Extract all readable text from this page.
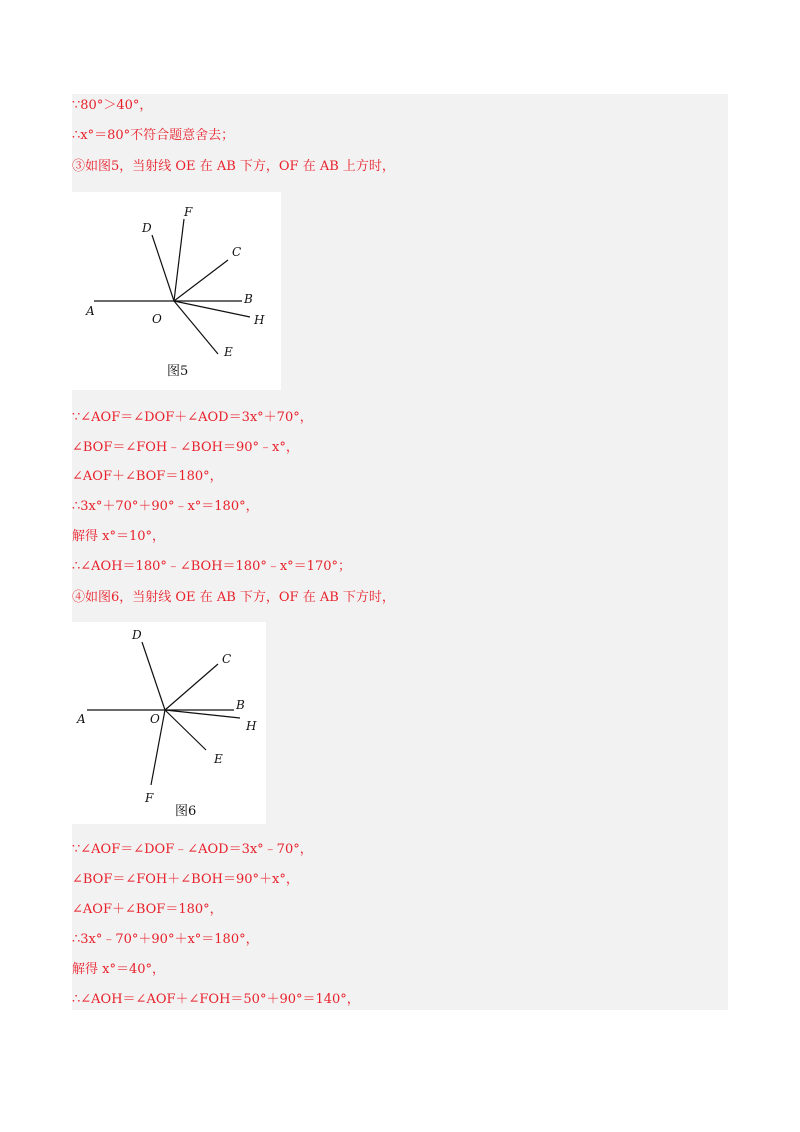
∵80°＞40°，
∴x°＝80°不符合题意舍去；
③如图5，当射线 OE 在 AB 下方，OF 在 AB 上方时，
A
O
B
H
C
D
F
E
图5
∵∠AOF＝∠DOF＋∠AOD＝3x°＋70°，
∠BOF＝∠FOH﹣∠BOH＝90°﹣x°，
∠AOF＋∠BOF＝180°，
∴3x°＋70°＋90°﹣x°＝180°，
解得 x°＝10°，
∴∠AOH＝180°﹣∠BOH＝180°﹣x°＝170°；
④如图6，当射线 OE 在 AB 下方，OF 在 AB 下方时，
A	O
B
H
C
D
E
F
图6
∵∠AOF＝∠DOF﹣∠AOD＝3x°﹣70°，
∠BOF＝∠FOH＋∠BOH＝90°＋x°，
∠AOF＋∠BOF＝180°，
∴3x°﹣70°＋90°＋x°＝180°，
解得 x°＝40°，
∴∠AOH＝∠AOF＋∠FOH＝50°＋90°＝140°，
